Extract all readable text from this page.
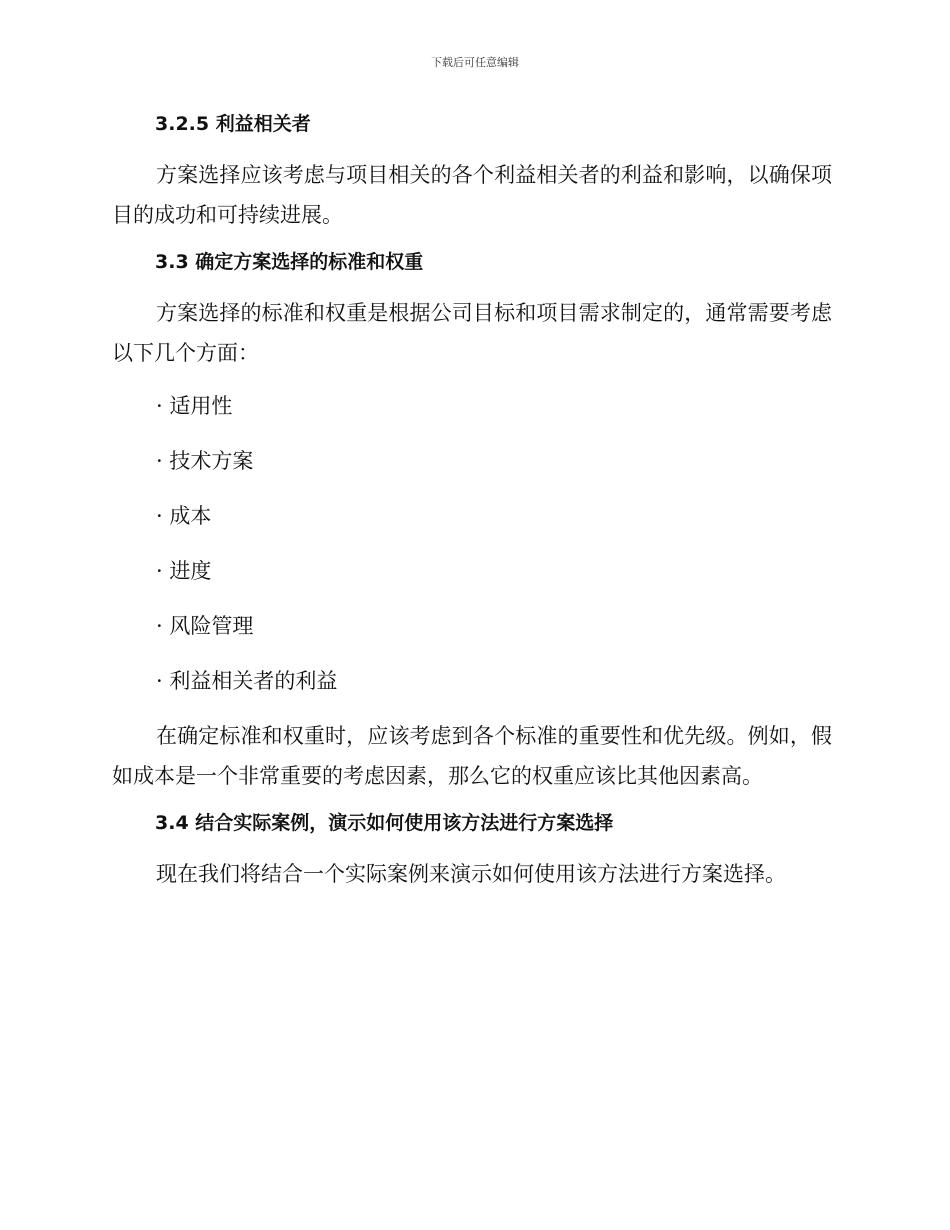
下载后可任意编辑
3.2.5 利益相关者

方案选择应该考虑与项目相关的各个利益相关者的利益和影响，以确保项目的成功和可持续进展。

3.3 确定方案选择的标准和权重

方案选择的标准和权重是根据公司目标和项目需求制定的，通常需要考虑以下几个方面：

· 适用性
· 技术方案
· 成本
· 进度
· 风险管理
· 利益相关者的利益

在确定标准和权重时，应该考虑到各个标准的重要性和优先级。例如，假如成本是一个非常重要的考虑因素，那么它的权重应该比其他因素高。

3.4 结合实际案例，演示如何使用该方法进行方案选择

现在我们将结合一个实际案例来演示如何使用该方法进行方案选择。
